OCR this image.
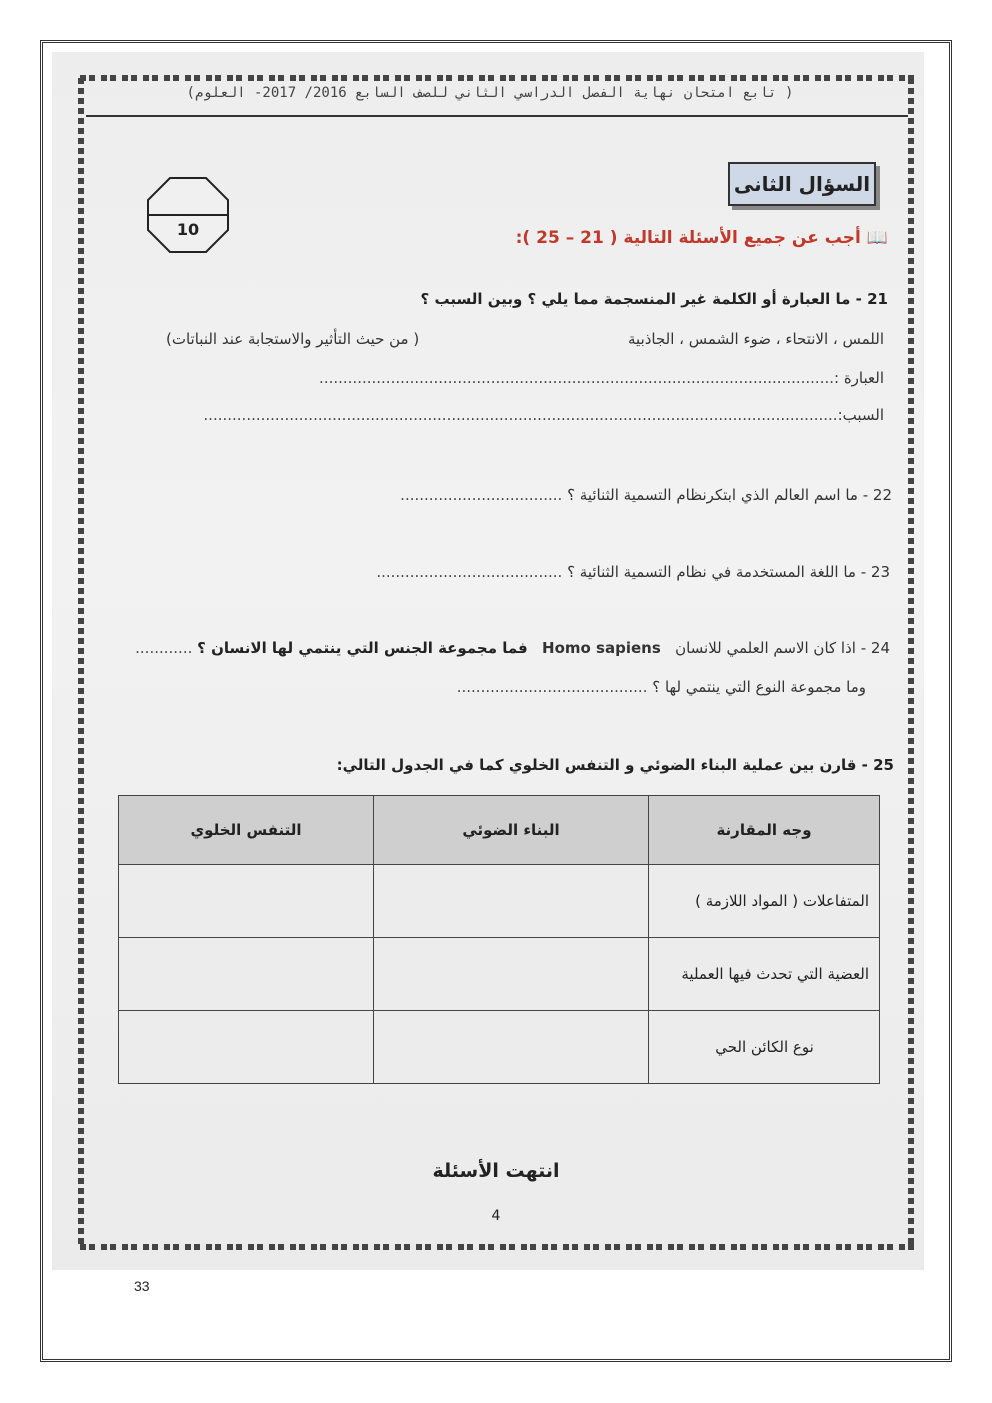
( تابع امتحان نهاية الفصل الدراسي الثاني للصف السابع 2016/ 2017- العلوم)
السؤال الثانى
10	📖أجب عن جميع الأسئلة التالية ( 21 – 25 ):
21 - ما العبارة أو الكلمة غير المنسجمة مما يلي ؟ وبين السبب ؟
اللمس ، الانتحاء ، ضوء الشمس ، الجاذبية
( من حيث التأثير والاستجابة عند النباتات)
العبارة :............................................................................................................
السبب:.....................................................................................................................................
22 - ما اسم العالم الذي ابتكرنظام التسمية الثنائية ؟ ..................................
23 - ما اللغة المستخدمة في نظام التسمية الثنائية ؟ .......................................
24 - اذا كان الاسم العلمي للانسان   Homo sapiens   فما مجموعة الجنس التي ينتمي لها الانسان ؟ ............
وما مجموعة النوع التي ينتمي لها ؟ ........................................
25 - قارن بين عملية البناء الضوئي و التنفس الخلوي كما في الجدول التالي:
وجه المقارنة	البناء الضوئي	التنفس الخلوي
المتفاعلات ( المواد اللازمة )		
العضية التي تحدث فيها العملية		
نوع الكائن الحي		
انتهت الأسئلة
4
33
